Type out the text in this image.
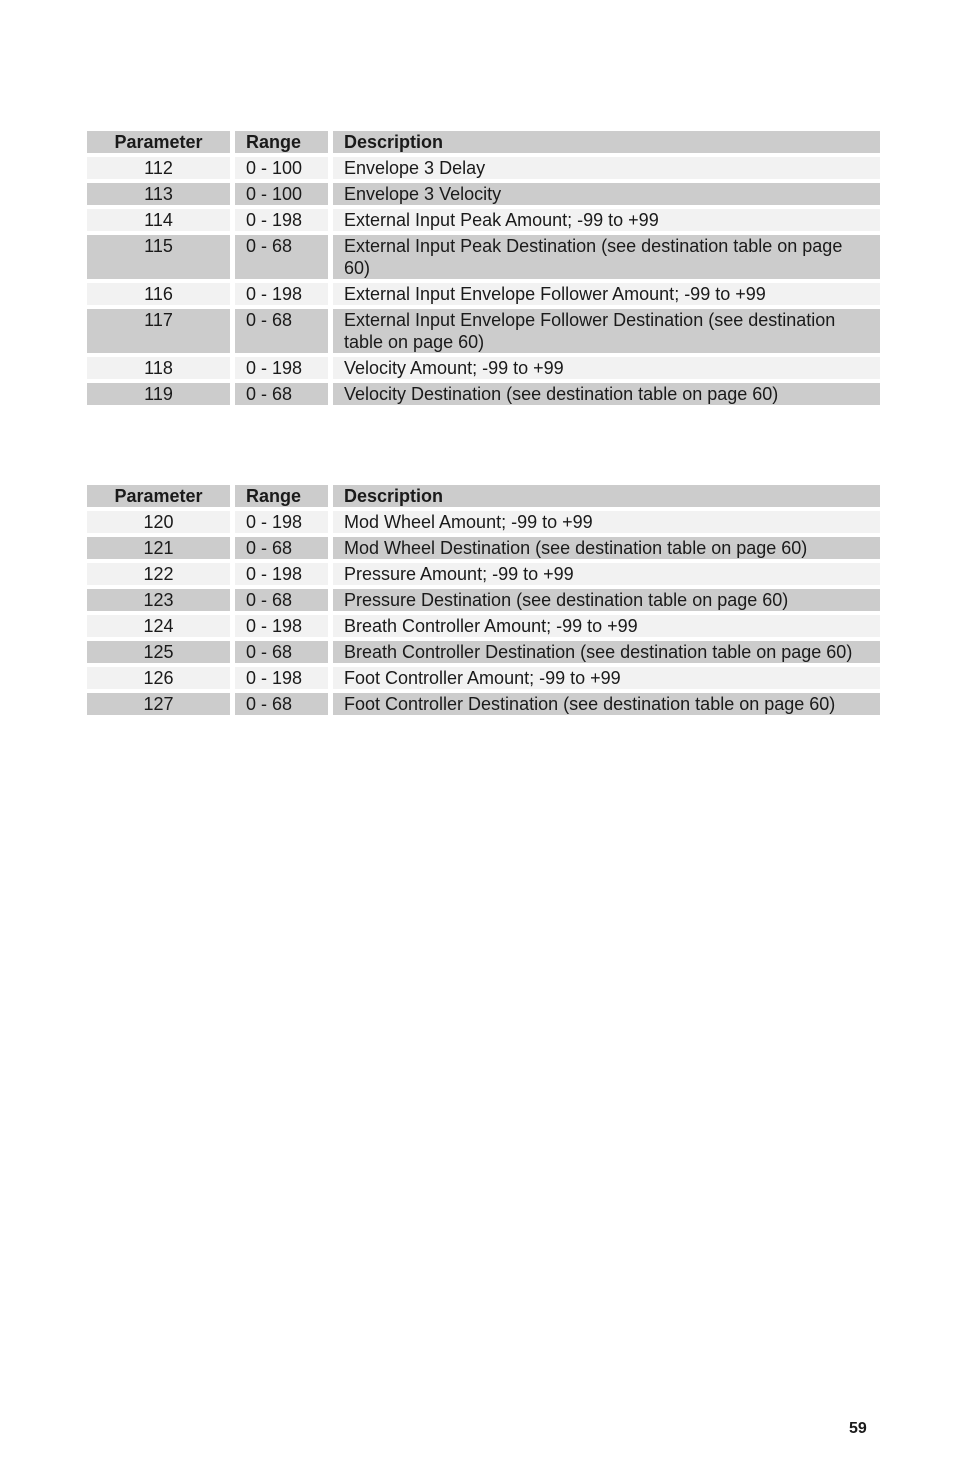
Parameter	Range	Description
112	0 - 100	Envelope 3 Delay
113	0 - 100	Envelope 3 Velocity
114	0 - 198	External Input Peak Amount; -99 to +99
115	0 - 68	External Input Peak Destination (see destination table on page 60)
116	0 - 198	External Input Envelope Follower Amount; -99 to +99
117	0 - 68	External Input Envelope Follower Destination (see destination table on page 60)
118	0 - 198	Velocity Amount; -99 to +99
119	0 - 68	Velocity Destination (see destination table on page 60)
Parameter	Range	Description
120	0 - 198	Mod Wheel Amount; -99 to +99
121	0 - 68	Mod Wheel Destination (see destination table on page 60)
122	0 - 198	Pressure Amount; -99 to +99
123	0 - 68	Pressure Destination (see destination table on page 60)
124	0 - 198	Breath Controller Amount; -99 to +99
125	0 - 68	Breath Controller Destination (see destination table on page 60)
126	0 - 198	Foot Controller Amount; -99 to +99
127	0 - 68	Foot Controller Destination (see destination table on page 60)
59
